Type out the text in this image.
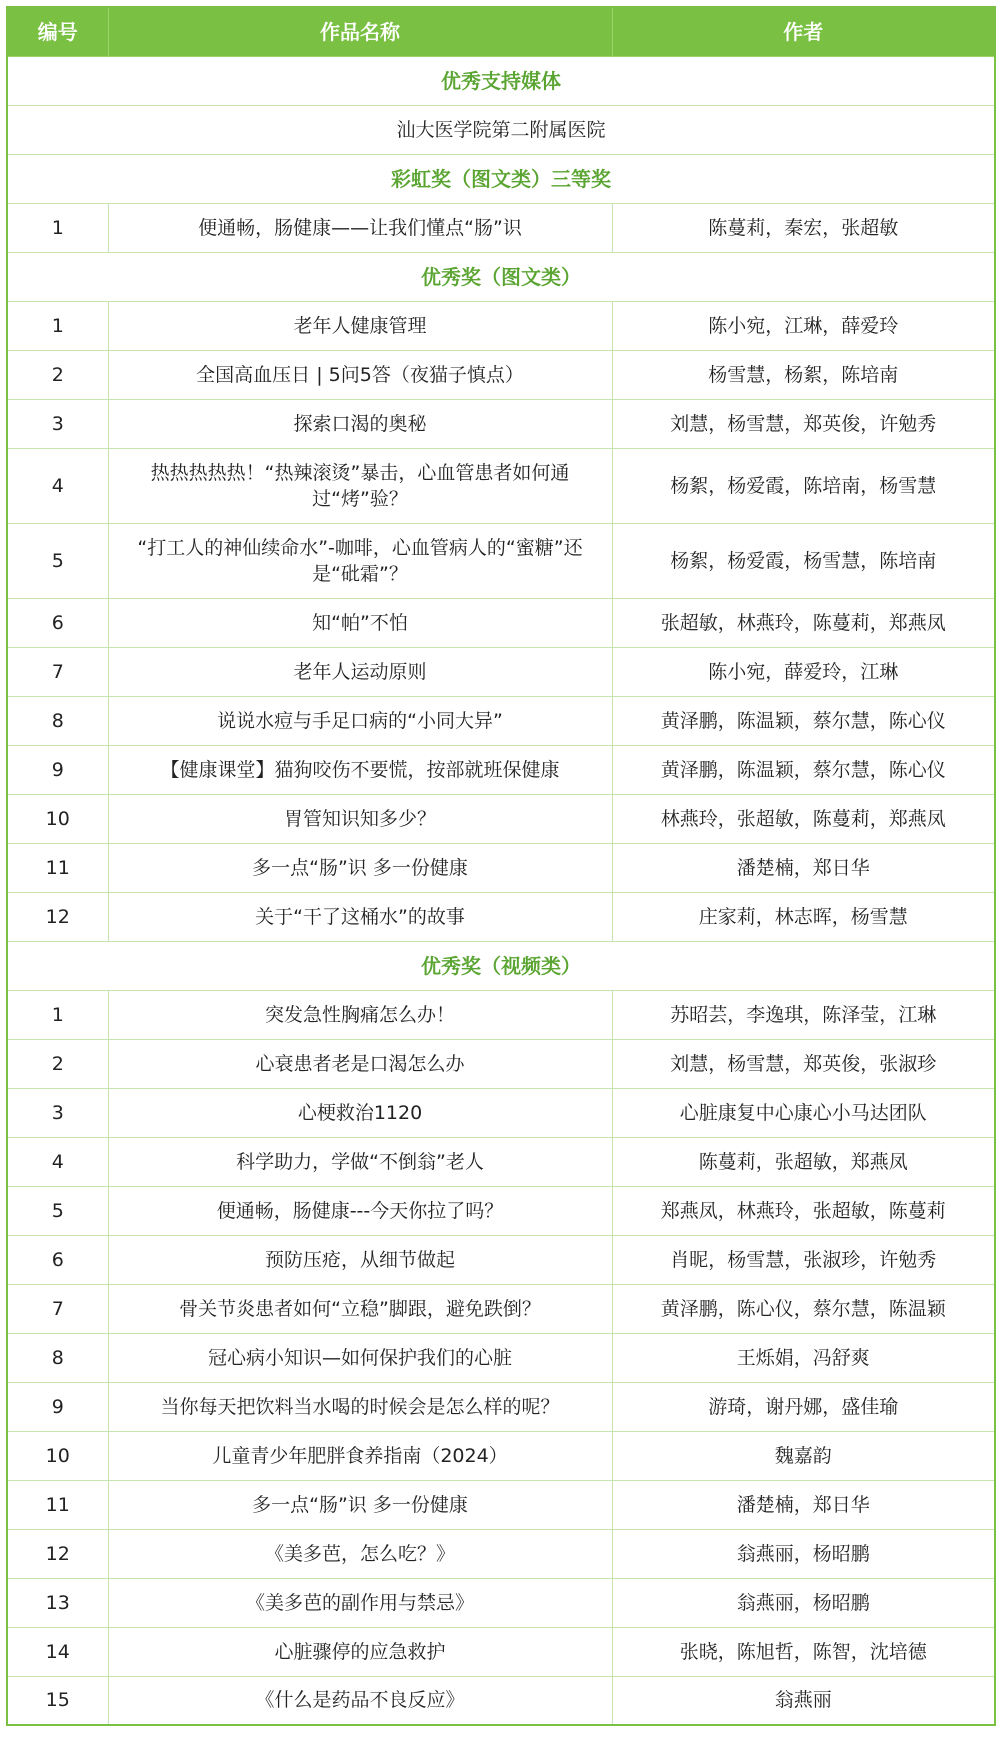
编号	作品名称	作者
优秀支持媒体		
汕大医学院第二附属医院		
彩虹奖（图文类）三等奖		
1	便通畅，肠健康——让我们懂点“肠”识	陈蔓莉，秦宏，张超敏
优秀奖（图文类）		
1	老年人健康管理	陈小宛，江琳，薛爱玲
2	全国高血压日 | 5问5答（夜猫子慎点）	杨雪慧，杨絮，陈培南
3	探索口渴的奥秘	刘慧，杨雪慧，郑英俊，许勉秀
4	热热热热热！“热辣滚烫”暴击，心血管患者如何通过“烤”验？	杨絮，杨爱霞，陈培南，杨雪慧
5	“打工人的神仙续命水”-咖啡，心血管病人的“蜜糖”还是“砒霜”？	杨絮，杨爱霞，杨雪慧，陈培南
6	知“帕”不怕	张超敏，林燕玲，陈蔓莉，郑燕凤
7	老年人运动原则	陈小宛，薛爱玲，江琳
8	说说水痘与手足口病的“小同大异”	黄泽鹏，陈温颖，蔡尔慧，陈心仪
9	【健康课堂】猫狗咬伤不要慌，按部就班保健康	黄泽鹏，陈温颖，蔡尔慧，陈心仪
10	胃管知识知多少？	林燕玲，张超敏，陈蔓莉，郑燕凤
11	多一点“肠”识 多一份健康	潘楚楠，郑日华
12	关于“干了这桶水”的故事	庄家莉，林志晖，杨雪慧
优秀奖（视频类）		
1	突发急性胸痛怎么办！	苏昭芸，李逸琪，陈泽莹，江琳
2	心衰患者老是口渴怎么办	刘慧，杨雪慧，郑英俊，张淑珍
3	心梗救治1120	心脏康复中心康心小马达团队
4	科学助力，学做“不倒翁”老人	陈蔓莉，张超敏，郑燕凤
5	便通畅，肠健康---今天你拉了吗？	郑燕凤，林燕玲，张超敏，陈蔓莉
6	预防压疮，从细节做起	肖昵，杨雪慧，张淑珍，许勉秀
7	骨关节炎患者如何“立稳”脚跟，避免跌倒？	黄泽鹏，陈心仪，蔡尔慧，陈温颖
8	冠心病小知识—如何保护我们的心脏	王烁娟，冯舒爽
9	当你每天把饮料当水喝的时候会是怎么样的呢？	游琦，谢丹娜，盛佳瑜
10	儿童青少年肥胖食养指南（2024）	魏嘉韵
11	多一点“肠”识 多一份健康	潘楚楠，郑日华
12	《美多芭，怎么吃？》	翁燕丽，杨昭鹏
13	《美多芭的副作用与禁忌》	翁燕丽，杨昭鹏
14	心脏骤停的应急救护	张晓，陈旭哲，陈智，沈培德
15	《什么是药品不良反应》	翁燕丽
